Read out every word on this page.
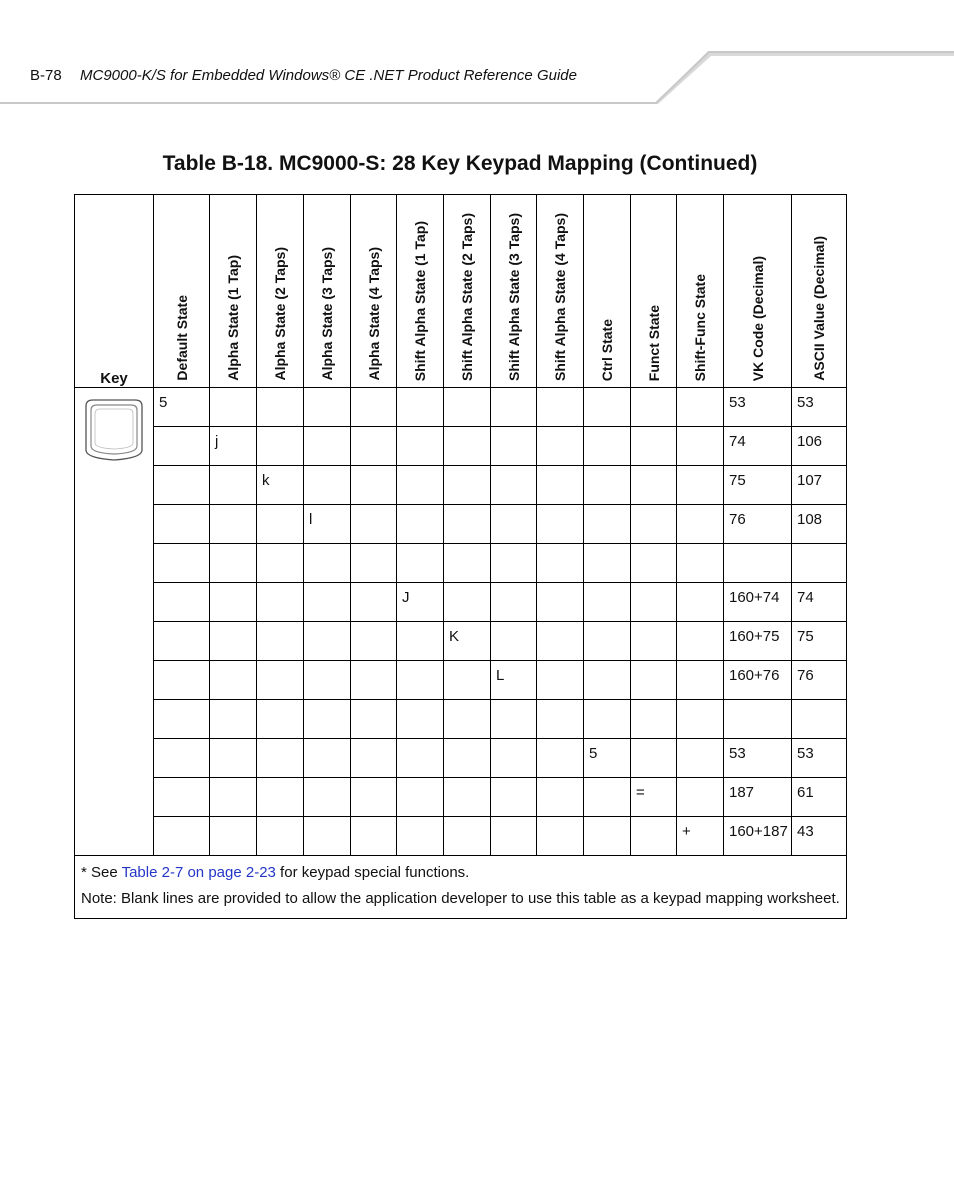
B-78 MC9000-K/S for Embedded Windows® CE .NET Product Reference Guide
Table B-18. MC9000-S: 28 Key Keypad Mapping (Continued)
Key	Default State	Alpha State (1 Tap)	Alpha State (2 Taps)	Alpha State (3 Taps)	Alpha State (4 Taps)	Shift Alpha State (1 Tap)	Shift Alpha State (2 Taps)	Shift Alpha State (3 Taps)	Shift Alpha State (4 Taps)	Ctrl State	Funct State	Shift-Func State	VK Code (Decimal)	ASCII Value (Decimal)

	5												53	53
		j											74	106
			k										75	107
				l									76	108

						J							160+74	74
							K						160+75	75
								L					160+76	76

										5			53	53
											=		187	61
												+	160+187	43

* See Table 2-7 on page 2-23 for keypad special functions.
Note: Blank lines are provided to allow the application developer to use this table as a keypad mapping worksheet.														
